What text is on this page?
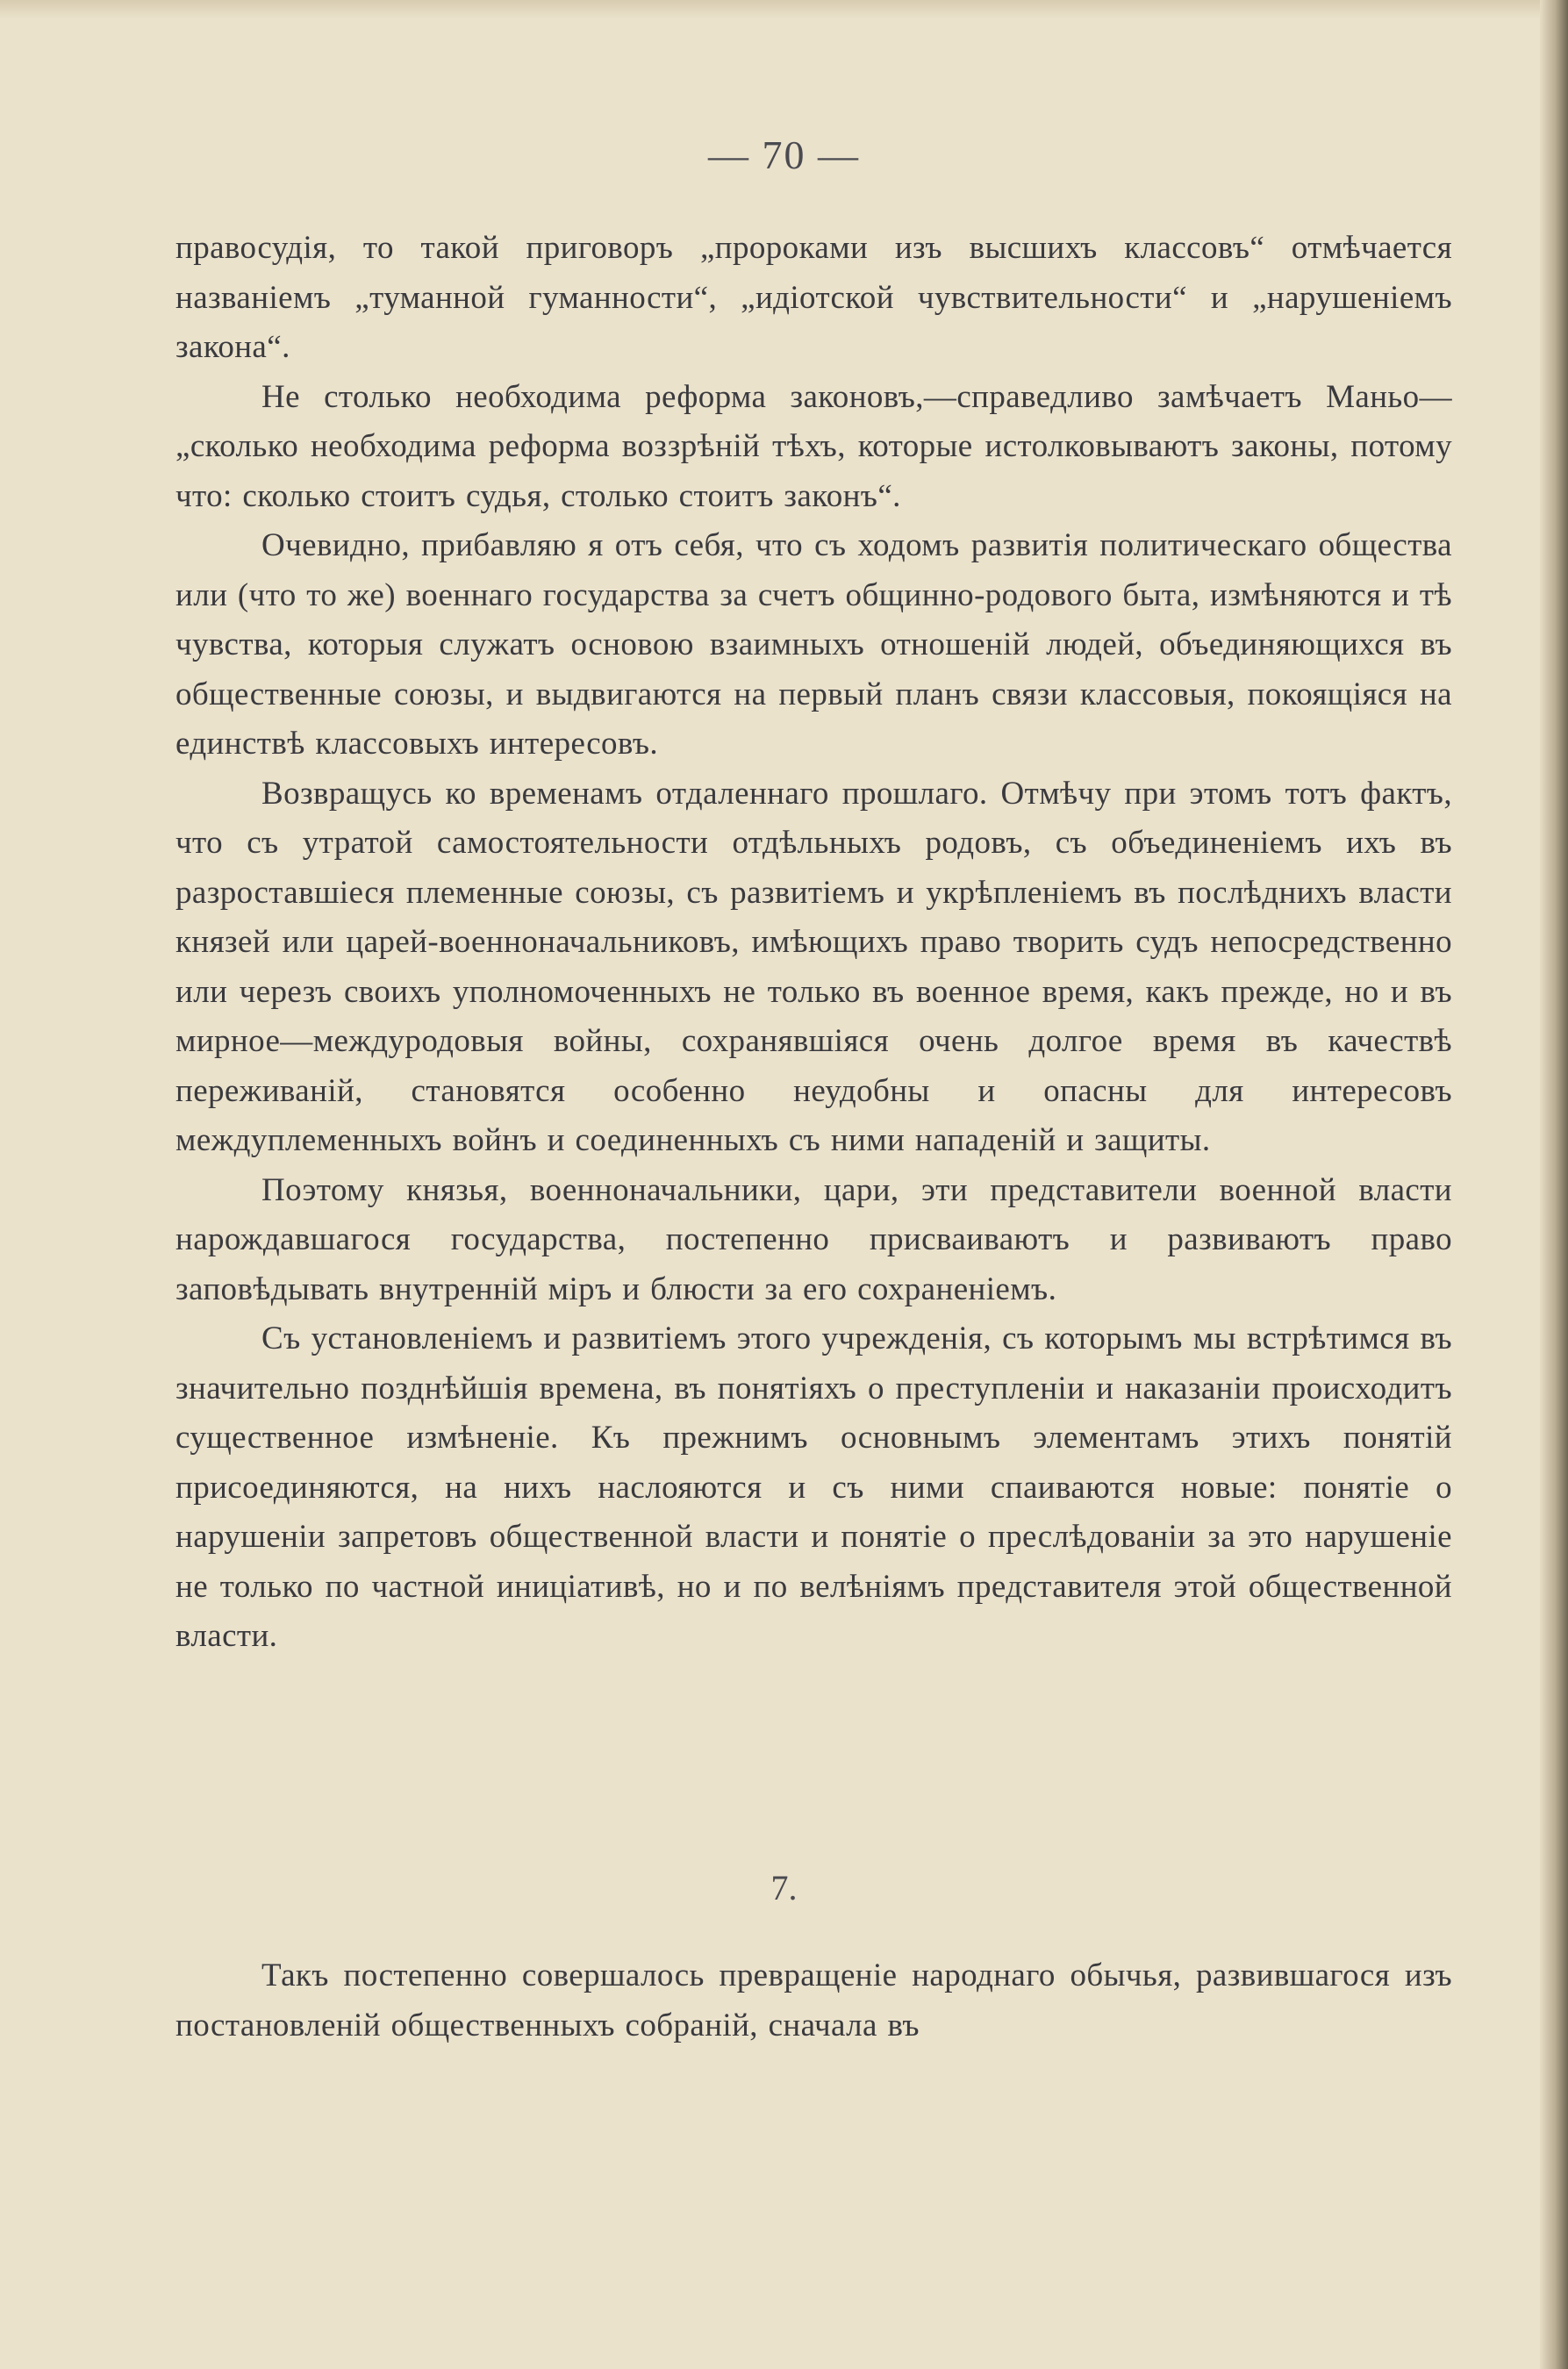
— 70 —

правосудія, то такой приговоръ „пророками изъ высшихъ классовъ“ отмѣчается названіемъ „туманной гуманности“, „идіотской чувствительности“ и „нарушеніемъ закона“.

Не столько необходима реформа законовъ,—справедливо замѣчаетъ Маньо—„сколько необходима реформа воззрѣній тѣхъ, которые истолковываютъ законы, потому что: сколько стоитъ судья, столько стоитъ законъ“.

Очевидно, прибавляю я отъ себя, что съ ходомъ развитія политическаго общества или (что то же) военнаго государства за счетъ общинно-родового быта, измѣняются и тѣ чувства, которыя служатъ основою взаимныхъ отношеній людей, объединяющихся въ общественные союзы, и выдвигаются на первый планъ связи классовыя, покоящіяся на единствѣ классовыхъ интересовъ.

Возвращусь ко временамъ отдаленнаго прошлаго. Отмѣчу при этомъ тотъ фактъ, что съ утратой самостоятельности отдѣльныхъ родовъ, съ объединеніемъ ихъ въ разроставшіеся племенные союзы, съ развитіемъ и укрѣпленіемъ въ послѣднихъ власти князей или царей-военноначальниковъ, имѣющихъ право творить судъ непосредственно или черезъ своихъ уполномоченныхъ не только въ военное время, какъ прежде, но и въ мирное—междуродовыя войны, сохранявшіяся очень долгое время въ качествѣ переживаній, становятся особенно неудобны и опасны для интересовъ междуплеменныхъ войнъ и соединенныхъ съ ними нападеній и защиты.

Поэтому князья, военноначальники, цари, эти представители военной власти нарождавшагося государства, постепенно присваиваютъ и развиваютъ право заповѣдывать внутренній міръ и блюсти за его сохраненіемъ.

Съ установленіемъ и развитіемъ этого учрежденія, съ которымъ мы встрѣтимся въ значительно позднѣйшія времена, въ понятіяхъ о преступленіи и наказаніи происходитъ существенное измѣненіе. Къ прежнимъ основнымъ элементамъ этихъ понятій присоединяются, на нихъ наслояются и съ ними спаиваются новые: понятіе о нарушеніи запретовъ общественной власти и понятіе о преслѣдованіи за это нарушеніе не только по частной иниціативѣ, но и по велѣніямъ представителя этой общественной власти.

7.

Такъ постепенно совершалось превращеніе народнаго обычья, развившагося изъ постановленій общественныхъ собраній, сначала въ
